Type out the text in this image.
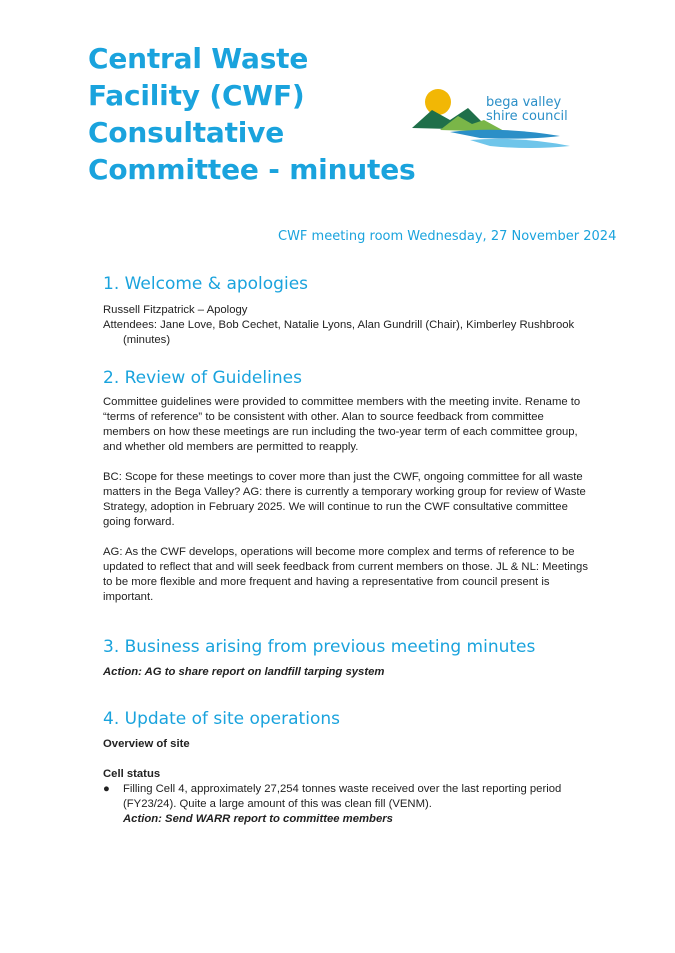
Central Waste
Facility (CWF)
Consultative
Committee - minutes
bega valley
shire council
CWF meeting room Wednesday, 27 November 2024
1. Welcome & apologies

Russell Fitzpatrick – Apology

Attendees: Jane Love, Bob Cechet, Natalie Lyons, Alan Gundrill (Chair), Kimberley Rushbrook

(minutes)

2. Review of Guidelines

Committee guidelines were provided to committee members with the meeting invite. Rename to “terms of reference” to be consistent with other. Alan to source feedback from committee members on how these meetings are run including the two-year term of each committee group, and whether old members are permitted to reapply.

BC: Scope for these meetings to cover more than just the CWF, ongoing committee for all waste matters in the Bega Valley? AG: there is currently a temporary working group for review of Waste Strategy, adoption in February 2025. We will continue to run the CWF consultative committee going forward.

AG: As the CWF develops, operations will become more complex and terms of reference to be updated to reflect that and will seek feedback from current members on those. JL & NL: Meetings to be more flexible and more frequent and having a representative from council present is important.

3. Business arising from previous meeting minutes

Action: AG to share report on landfill tarping system

4. Update of site operations

Overview of site

Cell status

● Filling Cell 4, approximately 27,254 tonnes waste received over the last reporting period (FY23/24). Quite a large amount of this was clean fill (VENM).

Action: Send WARR report to committee members
